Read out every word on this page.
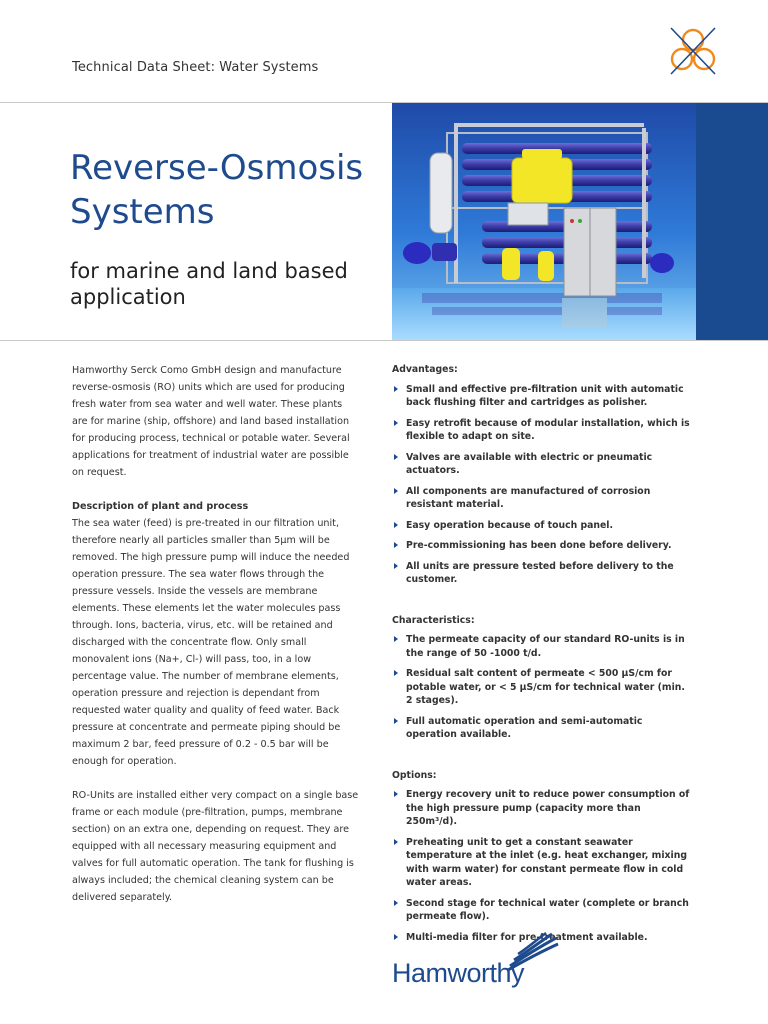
Technical Data Sheet: Water Systems
Reverse-Osmosis
Systems
for marine and land based
application

Hamworthy Serck Como GmbH design and manufacture reverse-osmosis (RO) units which are used for producing fresh water from sea water and well water. These plants are for marine (ship, offshore) and land based installation for producing process, technical or potable water. Several applications for treatment of industrial water are possible on request.

Description of plant and process
The sea water (feed) is pre-treated in our filtration unit, therefore nearly all particles smaller than 5µm will be removed. The high pressure pump will induce the needed operation pressure. The sea water flows through the pressure vessels. Inside the vessels are membrane elements. These elements let the water molecules pass through. Ions, bacteria, virus, etc. will be retained and discharged with the concentrate flow. Only small monovalent ions (Na+, Cl-) will pass, too, in a low percentage value. The number of membrane elements, operation pressure and rejection is dependant from requested water quality and quality of feed water. Back pressure at concentrate and permeate piping should be maximum 2 bar, feed pressure of 0.2 - 0.5 bar will be enough for operation.

RO-Units are installed either very compact on a single base frame or each module (pre-filtration, pumps, membrane section) on an extra one, depending on request. They are equipped with all necessary measuring equipment and valves for full automatic operation. The tank for flushing is always included; the chemical cleaning system can be delivered separately.

Advantages:
Small and effective pre-filtration unit with automatic back flushing filter and cartridges as polisher.
Easy retrofit because of modular installation, which is flexible to adapt on site.
Valves are available with electric or pneumatic actuators.
All components are manufactured of corrosion resistant material.
Easy operation because of touch panel.
Pre-commissioning has been done before delivery.
All units are pressure tested before delivery to the customer.
Characteristics:
The permeate capacity of our standard RO-units is in the range of 50 -1000 t/d.
Residual salt content of permeate < 500 µS/cm for potable water, or < 5 µS/cm for technical water (min. 2 stages).
Full automatic operation and semi-automatic operation available.
Options:
Energy recovery unit to reduce power consumption of the high pressure pump (capacity more than 250m³/d).
Preheating unit to get a constant seawater temperature at the inlet (e.g. heat exchanger, mixing with warm water) for constant permeate flow in cold water areas.
Second stage for technical water (complete or branch permeate flow).
Multi-media filter for pre-treatment available.
Hamworthy
